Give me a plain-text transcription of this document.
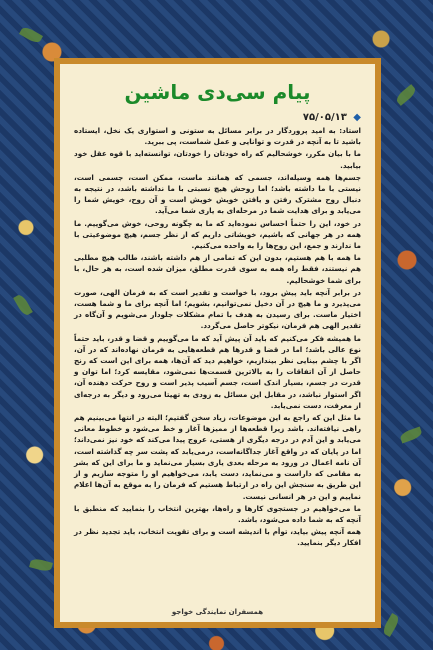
پیام سی‌دی ماشین
◆ ۷۵/۰۵/۱۳

استاد: به امید پروردگار در برابر مسائل به ستونی و استواری یک نخل، ایستاده باشید تا به آنچه در قدرت و توانایی و عمل شماست، پی ببرید.

ما با بیان مکرر، خوشحالیم که راه خودتان را خودتان، توانسته‌اید با قوه عقل خود بیابید.

جسم‌ها همه وسیله‌اند، جسمی که همانند ماست، ممکن است، جسمی است، نیستی با ما داشته باشد؛ اما روحش هیچ نسبتی با ما نداشته باشد، در نتیجه به دنبال روح مشترک رفتن و یافتن خویش خویش است و آن روح، خویش شما را می‌یابد و برای هدایت شما در مرحله‌ای به یاری شما می‌آید.

در خود، این را حتماً احساس نموده‌اید که ما به چگونه روحی، خوش می‌گوییم. ما همه در هر جهانی که باشیم، خویشاتی داریم که از نظر جسم، هیچ موضوعیتی با ما ندارند و جمع، این روح‌ها را به واحده می‌کنیم.

ما همه با هم هستیم، بدون این که تمامی از هم داشته باشند، طالب هیچ مطلبی هم نیستند، فقط راه همه به سوی قدرت مطلق، میزان شده است، به هر حال، با برای شما خوشحالیم.

در برابر آنچه باید پیش برود، با خواست و تقدیر است که به فرمان الهی، صورت می‌پذیرد و ما هیچ در آن دخیل نمی‌توانیم، بشویم؛ اما آنچه برای ما و شما هست، اختیار ماست. برای رسیدن به هدف با تمام مشکلات جلودار می‌شویم و آن‌گاه در تقدیر الهی هم فرمان، نیکوتر حاصل می‌گردد.

ما همیشه فکر می‌کنیم که باید آن پیش آید که ما می‌گوییم و قضا و قدر، باید حتماً نوع عالی باشد؛ اما در قضا و قدرها هم قطعه‌هایی به فرمان نهاده‌اند که در آن، اگر با چشم بینایی نظر بیندازیم، خواهیم دید که آن‌ها، همه برای این است که رنج حاصل از آن اتفاقات را به بالاترین قسمت‌ها نمی‌شود، مقایسه کرد؛ اما توان و قدرت در جسم، بسیار اندک است، جسم آسیب پذیر است و روح حرکت دهنده آن، اگر استوار نباشد، در مقابل این مسائل به زودی به تهیتا می‌رود و دیگر به درجه‌ای از معرفت، دست نمی‌یابد.

ما مثل این که راجع به این موضوعات، زیاد سخن گفتیم؛ البته در انتها می‌بینیم هم راهی نیافته‌اند. باشد زیرا قطعه‌ها از ممیزها آغاز و خط می‌شود و خطوط معانی می‌یابد و این آدم در درجه دیگری از هستی، عروج پیدا می‌کند که خود نیز نمی‌داند؛ اما در پایان که در واقع آغاز جداگانه‌است، درمی‌یابد که پشت سر چه گذاشته است، آن نامه اعمال در ورود به مرحله بعدی یاری بسیار می‌نماید و ما برای این که بشر به مقامی که داراست و می‌نماید، دست یابد، می‌خواهیم او را متوجه سازیم و از این طریق به سنجش این راه در ارتباط هستیم که فرمان را به موقع به آن‌ها اعلام نماییم و این در هر انسانی نیست.

ما می‌خواهیم در جستجوی کارها و راه‌ها، بهترین انتخاب را بنمایید که منطبق با آنچه که به شما داده می‌شود، باشد.

همه آنچه پیش بیاید، توأم با اندیشه است و برای تقویت انتخاب، باید تجدید نظر در افکار دیگر بنمایید.

همسفران نمایندگی خواجو
